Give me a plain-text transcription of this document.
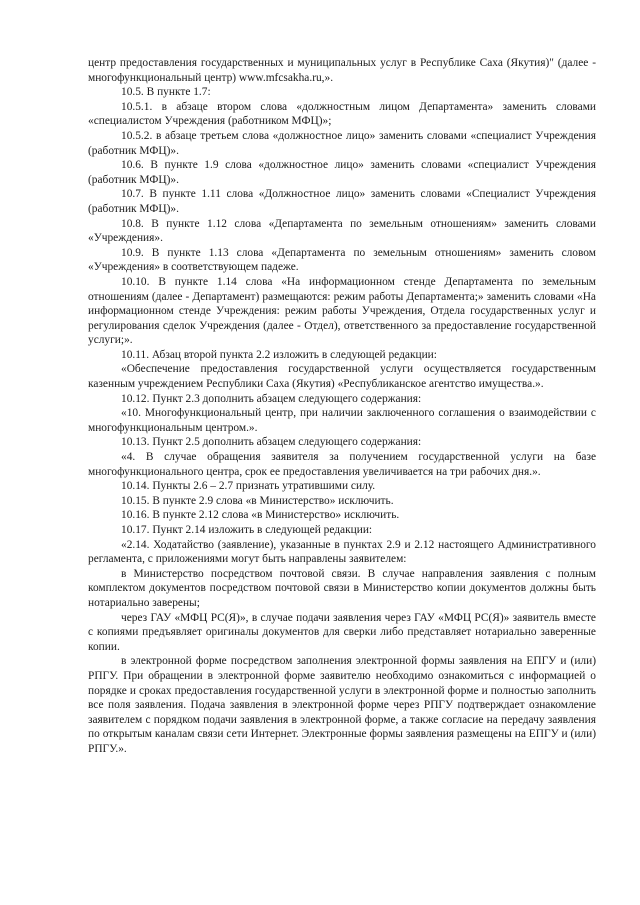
центр предоставления государственных и муниципальных услуг в Республике Саха (Якутия)" (далее - многофункциональный центр) www.mfcsakha.ru,».

10.5. В пункте 1.7:

10.5.1. в абзаце втором слова «должностным лицом Департамента» заменить словами «специалистом Учреждения (работником МФЦ)»;

10.5.2. в абзаце третьем слова «должностное лицо» заменить словами «специалист Учреждения (работник МФЦ)».

10.6. В пункте 1.9 слова «должностное лицо» заменить словами «специалист Учреждения (работник МФЦ)».

10.7. В пункте 1.11 слова «Должностное лицо» заменить словами «Специалист Учреждения (работник МФЦ)».

10.8. В пункте 1.12 слова «Департамента по земельным отношениям» заменить словами «Учреждения».

10.9. В пункте 1.13 слова «Департамента по земельным отношениям» заменить словом «Учреждения» в соответствующем падеже.

10.10. В пункте 1.14 слова «На информационном стенде Департамента по земельным отношениям (далее - Департамент) размещаются: режим работы Департамента;» заменить словами «На информационном стенде Учреждения: режим работы Учреждения, Отдела государственных услуг и регулирования сделок Учреждения (далее - Отдел), ответственного за предоставление государственной услуги;».

10.11. Абзац второй пункта 2.2 изложить в следующей редакции:

«Обеспечение предоставления государственной услуги осуществляется государственным казенным учреждением Республики Саха (Якутия) «Республиканское агентство имущества.».

10.12. Пункт 2.3 дополнить абзацем следующего содержания:

«10. Многофункциональный центр, при наличии заключенного соглашения о взаимодействии с многофункциональным центром.».

10.13. Пункт 2.5 дополнить абзацем следующего содержания:

«4. В случае обращения заявителя за получением государственной услуги на базе многофункционального центра, срок ее предоставления увеличивается на три рабочих дня.».

10.14. Пункты 2.6 – 2.7 признать утратившими силу.

10.15. В пункте 2.9 слова «в Министерство» исключить.

10.16. В пункте 2.12 слова «в Министерство» исключить.

10.17. Пункт 2.14 изложить в следующей редакции:

«2.14. Ходатайство (заявление), указанные в пунктах 2.9 и 2.12 настоящего Административного регламента, с приложениями могут быть направлены заявителем:

в Министерство посредством почтовой связи. В случае направления заявления с полным комплектом документов посредством почтовой связи в Министерство копии документов должны быть нотариально заверены;

через ГАУ «МФЦ РС(Я)», в случае подачи заявления через ГАУ «МФЦ РС(Я)» заявитель вместе с копиями предъявляет оригиналы документов для сверки либо представляет нотариально заверенные копии.

в электронной форме посредством заполнения электронной формы заявления на ЕПГУ и (или) РПГУ. При обращении в электронной форме заявителю необходимо ознакомиться с информацией о порядке и сроках предоставления государственной услуги в электронной форме и полностью заполнить все поля заявления. Подача заявления в электронной форме через РПГУ подтверждает ознакомление заявителем с порядком подачи заявления в электронной форме, а также согласие на передачу заявления по открытым каналам связи сети Интернет. Электронные формы заявления размещены на ЕПГУ и (или) РПГУ.».
